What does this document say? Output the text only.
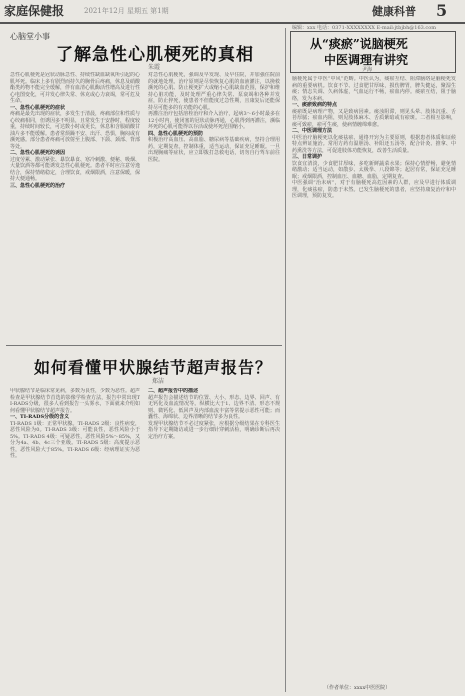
家庭保健报	2021年12月 星期五 第1期	健康科普 5
编辑：xxx 电话：0371-XXXXXXXX E-mail:jtbjbh@163.com
心脑堂小事
了解急性心肌梗死的真相
朱霞
急性心肌梗死是冠状动脉急性、持续性缺血缺氧所引起的心肌坏死。临床上多有剧烈而持久的胸骨后疼痛，休息及硝酸酯类药物不能完全缓解，伴有血清心肌酶活性增高及进行性心电图变化，可并发心律失常、休克或心力衰竭，常可危及生命。
一、急性心肌梗死的症状
疼痛是最先出现的症状，多发生于清晨，疼痛部位和性质与心绞痛相同，但诱因多不明显，且常发生于安静时，程度较重，持续时间较长，可达数小时或更长，休息和含服硝酸甘油片多不能缓解。患者常烦躁不安、出汗、恐惧，胸闷或有濒死感。部分患者疼痛可放射至上腹部、下颌、颈部、背部等处。
二、急性心肌梗死的诱因
过度劳累、激动紧张、暴饮暴食、寒冷刺激、便秘、吸烟、大量饮酒等都可能诱发急性心肌梗死。患者平时应注意劳逸结合，保持情绪稳定，合理饮食，戒烟限酒，注意保暖，保持大便通畅。
三、急性心肌梗死的治疗
对急性心肌梗死，强调及早发现、及早住院，并加强住院前的就地处理。治疗原则是尽快恢复心肌的血液灌注，以挽救濒死的心肌、防止梗死扩大或缩小心肌缺血范围，保护和维持心脏功能，及时处理严重心律失常、泵衰竭和各种并发症，防止猝死，使患者不但能度过急性期，且康复后还能保持尽可能多的有功能的心肌。
再灌注治疗包括溶栓治疗和介入治疗，起病3～6小时最多在12小时内，使闭塞的冠状动脉再通，心肌得到再灌注，濒临坏死的心肌可能得以存活或使坏死范围缩小。
四、急性心肌梗死的预防
积极治疗高血压、高血脂、糖尿病等基础疾病，坚持合理用药，定期复查。控制体重，适当运动，保证充足睡眠。一旦出现胸痛等症状，应立即拨打急救电话，切勿自行驾车前往医院。
如何看懂甲状腺结节超声报告？
郑洁
甲状腺结节是临床常见病，多数为良性，少数为恶性。超声检查是甲状腺结节首选的影像学检查方法，报告中常出现TI-RADS分级，很多人看到报告一头雾水，下面就来介绍如何看懂甲状腺结节超声报告。
一、TI-RADS分级的含义
TI-RADS 1级：正常甲状腺。TI-RADS 2级：良性病变，恶性风险为0。TI-RADS 3级：可能良性，恶性风险小于5%。TI-RADS 4级：可疑恶性，恶性风险5%～85%，又分为4a、4b、4c三个亚级。TI-RADS 5级：高度提示恶性，恶性风险大于85%。TI-RADS 6级：经病理证实为恶性。
二、超声报告中的描述
超声报告会描述结节的位置、大小、形态、边界、回声、有无钙化及血流情况等。纵横比大于1、边界不清、形态不规则、微钙化、低回声及内部血流丰富等常提示恶性可能；而囊性、海绵状、边界清晰的结节多为良性。
发现甲状腺结节不必过度紧张，应根据分级结果在专科医生指导下定期随访或进一步行细针穿刺活检，明确诊断后再决定治疗方案。
从“痰瘀”说脑梗死
中医调理有讲究
尹海
脑梗死属于中医“中风”范畴。中医认为，痰瘀互结、阻滞脑络是脑梗死发病的重要病机。饮食不节、过食肥甘厚味，损伤脾胃，脾失健运，聚湿生痰；情志失调、久病体虚，气血运行不畅，瘀血内停。痰瘀互结，阻于脑络，发为本病。
一、痰瘀致病的特点
痰瘀既是病理产物，又是致病因素。痰浊阻滞，则见头晕、肢体沉重、舌苔厚腻；瘀血内阻，则见肢体麻木、舌质紫暗或有瘀斑。二者相互影响，痰可致瘀，瘀可生痰，使病情缠绵难愈。
二、中医调理方法
中医治疗脑梗死以化痰祛瘀、通络开窍为主要原则，根据患者体质和证候特点辨证施治。常用方药有温胆汤、补阳还五汤等，配合针灸、推拿、中药熏洗等方法，可促进肢体功能恢复，改善生活质量。
三、日常调护
饮食宜清淡，少食肥甘厚味，多吃新鲜蔬菜水果；保持心情舒畅，避免情绪激动；适当运动，如散步、太极拳、八段锦等；起居有常，保证充足睡眠；戒烟限酒，控制血压、血糖、血脂，定期复查。
中医强调“治未病”，对于有脑梗死高危因素的人群，应及早进行体质调理，化痰祛瘀，防患于未然。已发生脑梗死的患者，应坚持康复治疗和中医调理，预防复发。
（作者单位：xxxx中医医院）
